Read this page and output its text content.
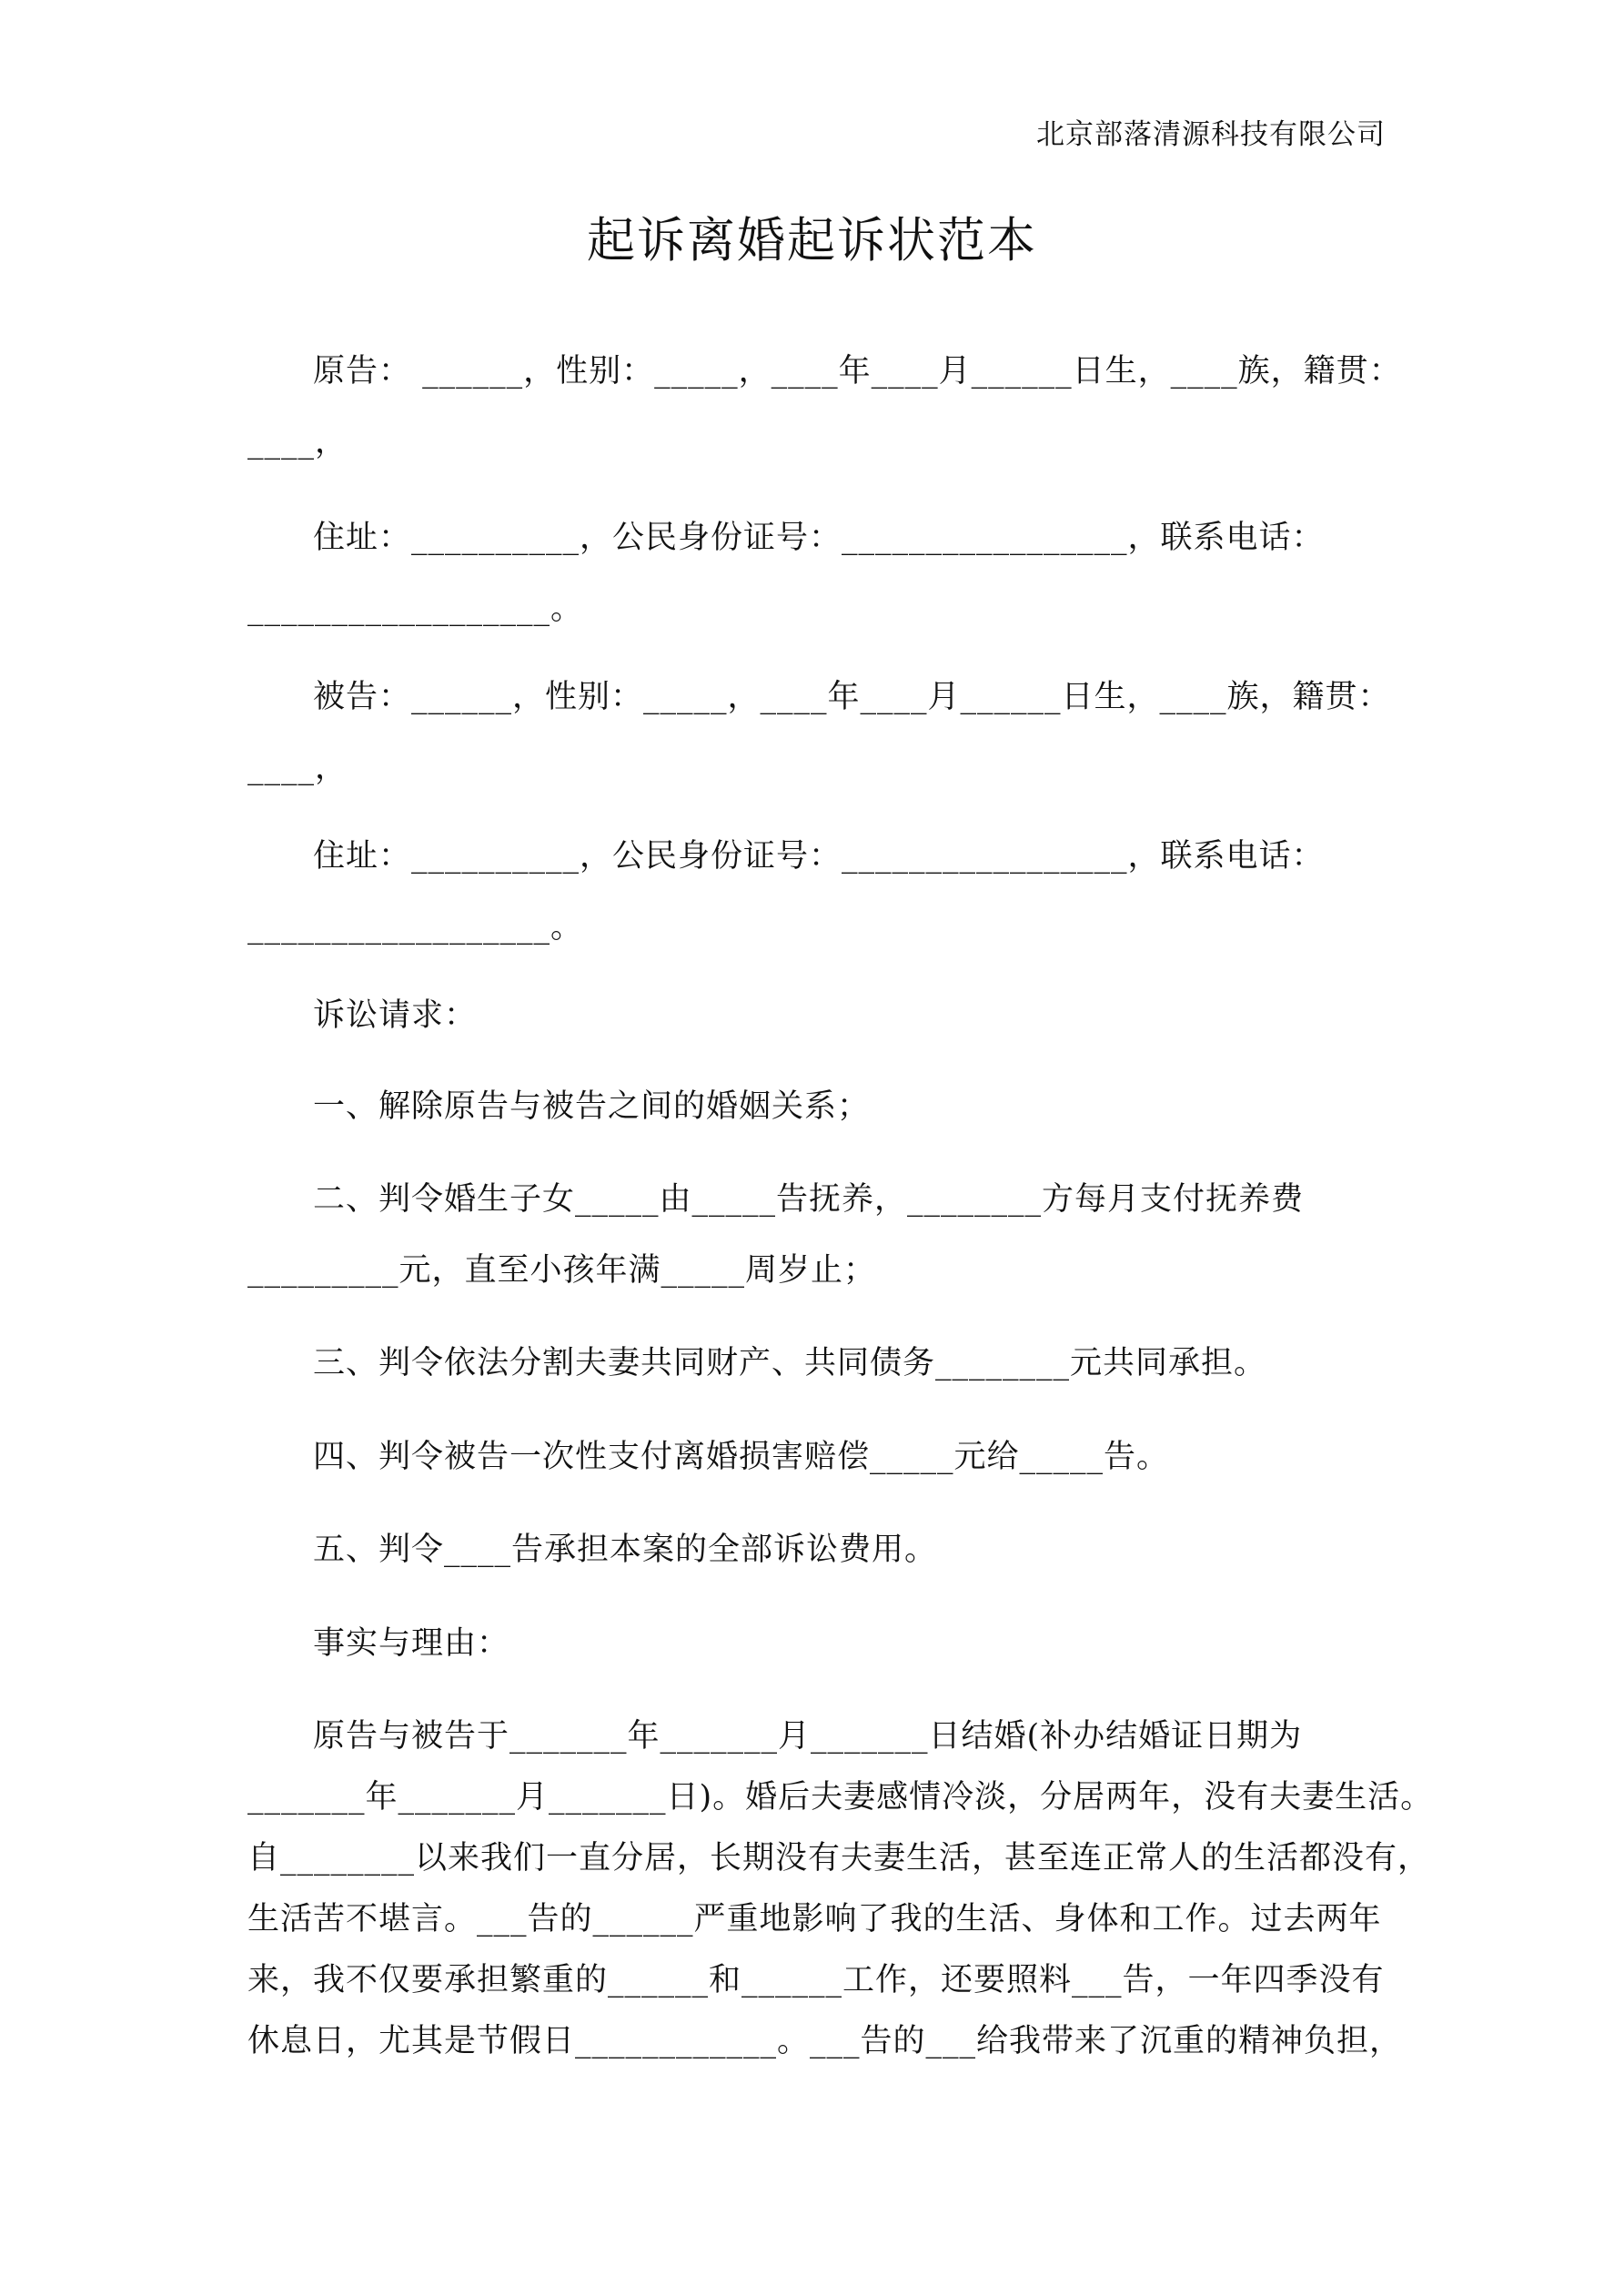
北京部落清源科技有限公司
起诉离婚起诉状范本
原告： ______，性别：_____，____年____月______日生，____族，籍贯：
____，
住址：__________，公民身份证号：_________________，联系电话：
__________________。
被告：______，性别：_____，____年____月______日生，____族，籍贯：
____，
住址：__________，公民身份证号：_________________，联系电话：
__________________。
诉讼请求：
一、解除原告与被告之间的婚姻关系；
二、判令婚生子女_____由_____告抚养，________方每月支付抚养费
_________元，直至小孩年满_____周岁止；
三、判令依法分割夫妻共同财产、共同债务________元共同承担。
四、判令被告一次性支付离婚损害赔偿_____元给_____告。
五、判令____告承担本案的全部诉讼费用。
事实与理由：
原告与被告于_______年_______月_______日结婚(补办结婚证日期为
_______年_______月_______日)。婚后夫妻感情冷淡，分居两年，没有夫妻生活。
自________以来我们一直分居，长期没有夫妻生活，甚至连正常人的生活都没有，
生活苦不堪言。___告的______严重地影响了我的生活、身体和工作。过去两年
来，我不仅要承担繁重的______和______工作，还要照料___告，一年四季没有
休息日，尤其是节假日____________。___告的___给我带来了沉重的精神负担，
